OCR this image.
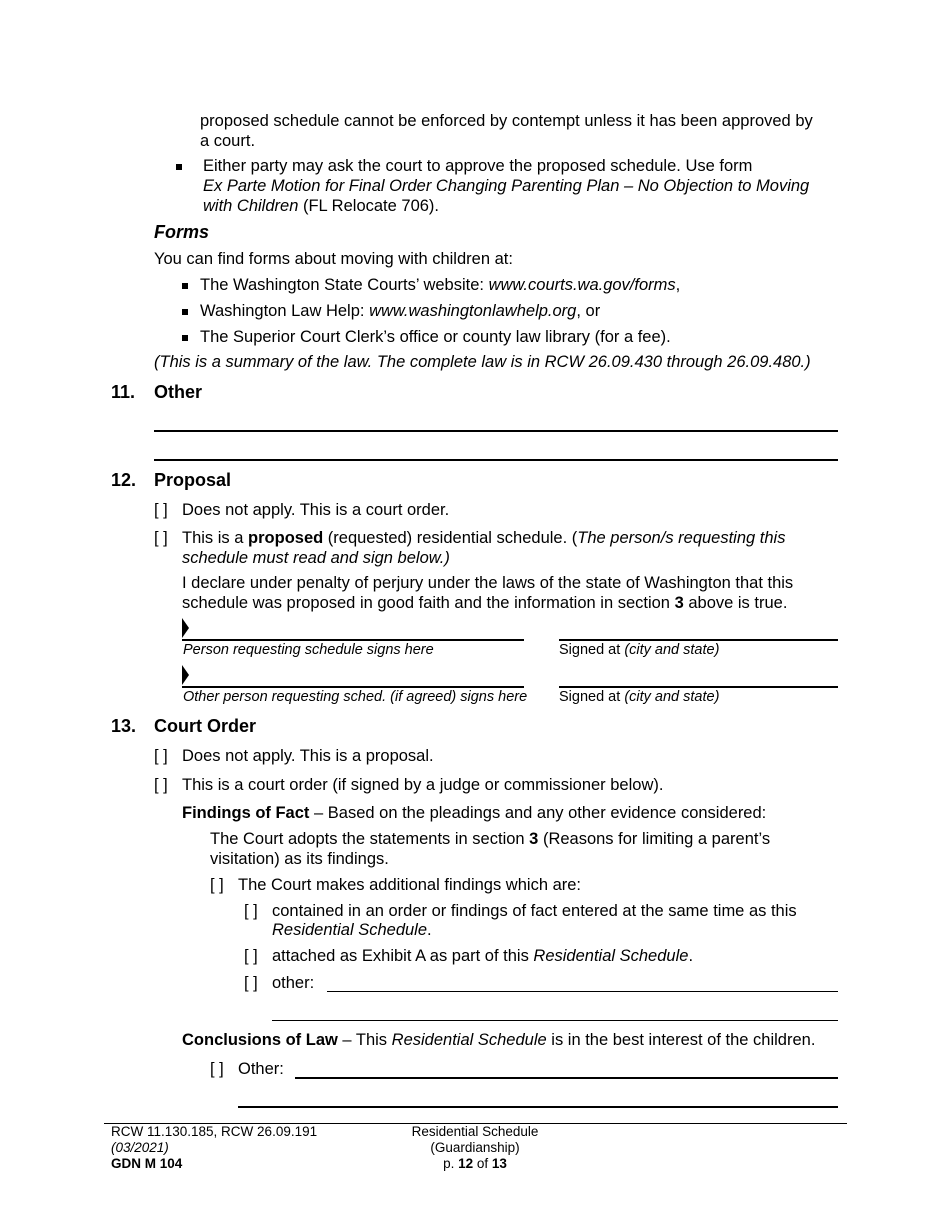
proposed schedule cannot be enforced by contempt unless it has been approved by
a court.
Either party may ask the court to approve the proposed schedule. Use form
Ex Parte Motion for Final Order Changing Parenting Plan – No Objection to Moving
with Children (FL Relocate 706).
Forms
You can find forms about moving with children at:
The Washington State Courts’ website: www.courts.wa.gov/forms,
Washington Law Help: www.washingtonlawhelp.org, or
The Superior Court Clerk’s office or county law library (for a fee).
(This is a summary of the law. The complete law is in RCW 26.09.430 through 26.09.480.)
11. Other
12. Proposal
[ ] Does not apply. This is a court order.
[ ] This is a proposed (requested) residential schedule. (The person/s requesting this
schedule must read and sign below.)
I declare under penalty of perjury under the laws of the state of Washington that this
schedule was proposed in good faith and the information in section 3 above is true.
Person requesting schedule signs here	Signed at (city and state)
Other person requesting sched. (if agreed) signs here Signed at (city and state)
13. Court Order
[ ] Does not apply. This is a proposal.
[ ] This is a court order (if signed by a judge or commissioner below).
Findings of Fact – Based on the pleadings and any other evidence considered:
The Court adopts the statements in section 3 (Reasons for limiting a parent’s
visitation) as its findings.
[ ] The Court makes additional findings which are:
[ ] contained in an order or findings of fact entered at the same time as this
Residential Schedule.
[ ] attached as Exhibit A as part of this Residential Schedule.
[ ] other:
Conclusions of Law – This Residential Schedule is in the best interest of the children.
[ ] Other:
RCW 11.130.185, RCW 26.09.191
(03/2021)
GDN M 104
Residential Schedule
(Guardianship)
p. 12 of 13
